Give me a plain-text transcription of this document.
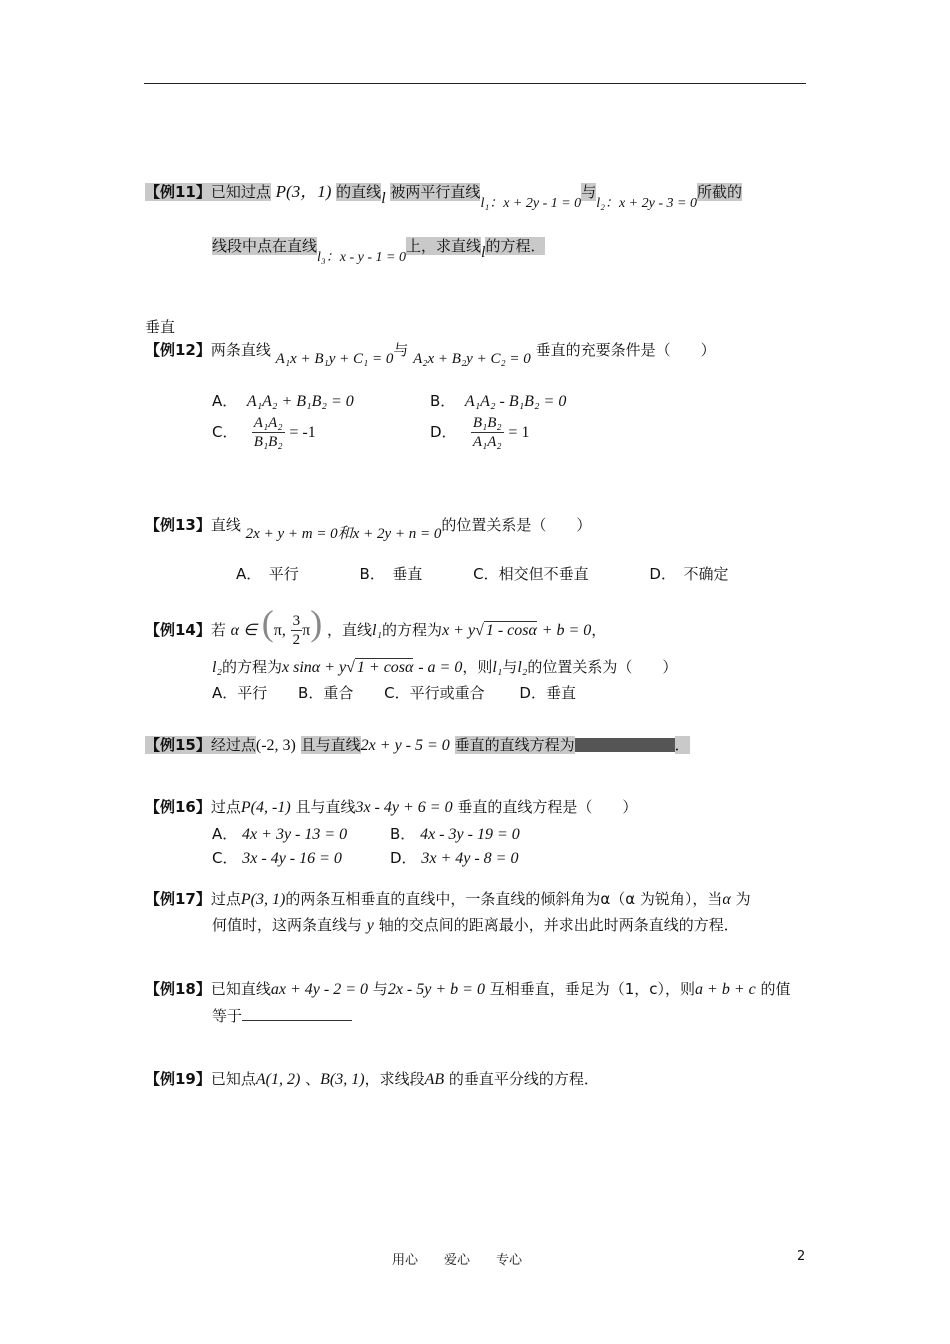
【例11】已知过点 P(3，1) 的直线l 被两平行直线l₁：x + 2y - 1 = 0与l₂：x + 2y - 3 = 0所截的
线段中点在直线l₃：x - y - 1 = 0上，求直线l的方程．
垂直
【例12】两条直线 A₁x + B₁y + C₁ = 0与 A₂x + B₂y + C₂ = 0 垂直的充要条件是（　　）
A． A₁A₂ + B₁B₂ = 0	B． A₁A₂ - B₁B₂ = 0
C． $\frac{\text{A₁A₂}}{\text{B₁B₂}} = -1$	D． $\frac{\text{B₁B₂}}{\text{A₁A₂}} = 1$
【例13】直线 2x + y + m = 0和x + 2y + n = 0的位置关系是（　　）
A．　平行	B．　垂直	C．相交但不垂直	D．　不确定
【例14】若 α ∈ (π, $\frac{3}{2} \pi$) ，直线l₁的方程为x + y√ 1 - cosα + b = 0，
l₂的方程为x sinα + y√ 1 + cosα - a = 0，则l₁与l₂的位置关系为（　　）
A．平行 B．重合 C．平行或重合 D．垂直
【例15】经过点(-2, 3) 且与直线2x + y - 5 = 0 垂直的直线方程为	．
【例16】过点P(4, -1) 且与直线3x - 4y + 6 = 0 垂直的直线方程是（　　）
A． 4x + 3y - 13 = 0	B． 4x - 3y - 19 = 0
C． 3x - 4y - 16 = 0	D． 3x + 4y - 8 = 0
【例17】过点P(3, 1)的两条互相垂直的直线中，一条直线的倾斜角为α（α 为锐角），当α 为
何值时，这两条直线与 y 轴的交点间的距离最小，并求出此时两条直线的方程．
【例18】已知直线ax + 4y - 2 = 0 与2x - 5y + b = 0 互相垂直，垂足为（1，c），则a + b + c 的值
等于
【例19】已知点A(1, 2) 、B(3, 1)，求线段AB 的垂直平分线的方程．
用心　　爱心　　专心	2
